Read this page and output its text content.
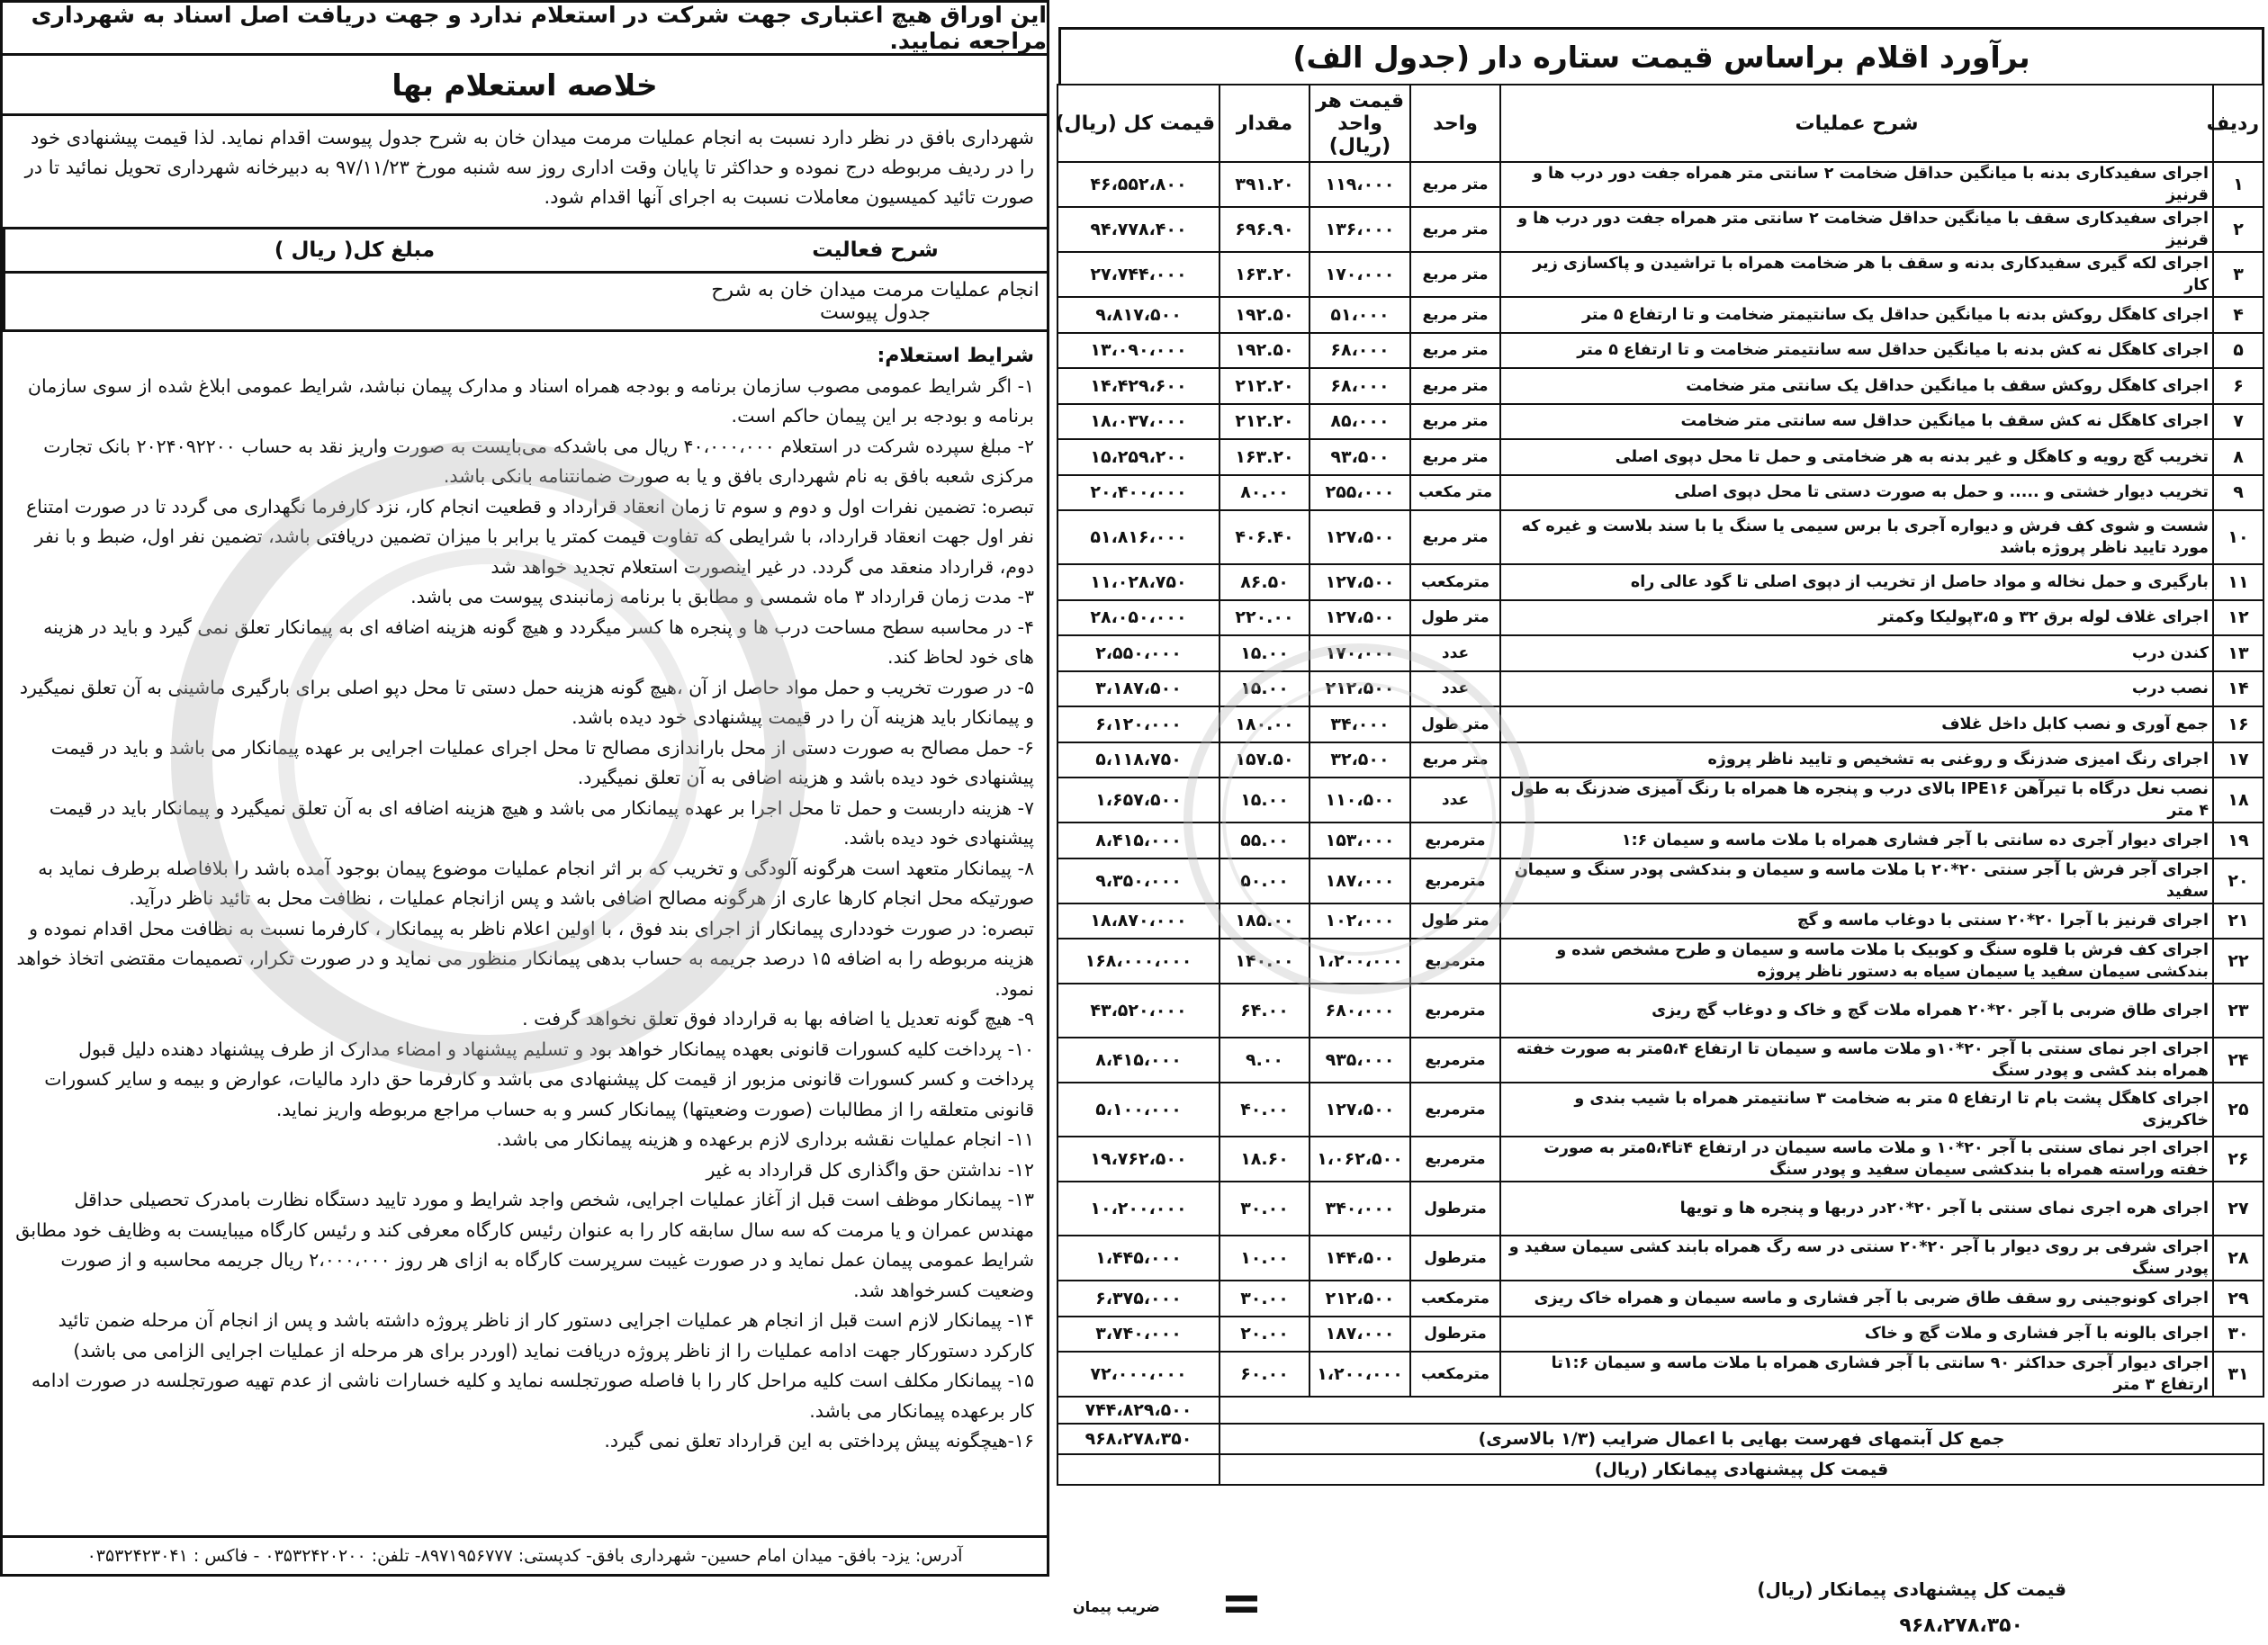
این اوراق هیچ اعتباری جهت شرکت در استعلام ندارد و جهت دریافت اصل اسناد به شهرداری مراجعه نمایید.
خلاصه استعلام بها
شهرداری بافق در نظر دارد نسبت به انجام عملیات مرمت میدان خان به شرح جدول پیوست اقدام نماید. لذا قیمت پیشنهادی خود را در ردیف مربوطه درج نموده و حداکثر تا پایان وقت اداری روز سه شنبه مورخ ۹۷/۱۱/۲۳ به دبیرخانه شهرداری تحویل نمائید تا در صورت تائید کمیسیون معاملات نسبت به اجرای آنها اقدام شود.
شرح فعالیت	مبلغ کل( ریال )
انجام عملیات مرمت میدان خان به شرح جدول پیوست	
شرایط استعلام:

۱- اگر شرایط عمومی مصوب سازمان برنامه و بودجه همراه اسناد و مدارک پیمان نباشد، شرایط عمومی ابلاغ شده از سوی سازمان برنامه و بودجه بر این پیمان حاکم است.

۲- مبلغ سپرده شرکت در استعلام ۴۰،۰۰۰،۰۰۰ ریال می باشدکه می‌بایست به صورت واریز نقد به حساب ۲۰۲۴۰۹۲۲۰۰ بانک تجارت مرکزی شعبه بافق به نام شهرداری بافق و یا به صورت ضمانتنامه بانکی باشد.

تبصره: تضمین نفرات اول و دوم و سوم تا زمان انعقاد قرارداد و قطعیت انجام کار، نزد کارفرما نگهداری می گردد تا در صورت امتناع نفر اول جهت انعقاد قرارداد، با شرایطی که تفاوت قیمت کمتر یا برابر با میزان تضمین دریافتی باشد، تضمین نفر اول، ضبط و با نفر دوم، قرارداد منعقد می گردد. در غیر اینصورت استعلام تجدید خواهد شد

۳- مدت زمان قرارداد ۳ ماه شمسی و مطابق با برنامه زمانبندی پیوست می باشد.

۴- در محاسبه سطح مساحت درب ها و پنجره ها کسر میگردد و هیچ گونه هزینه اضافه ای به پیمانکار تعلق نمی گیرد و باید در هزینه های خود لحاظ کند.

۵- در صورت تخریب و حمل مواد حاصل از آن ،هیچ گونه هزینه حمل دستی تا محل دپو اصلی برای بارگیری ماشینی به آن تعلق نمیگیرد و پیمانکار باید هزینه آن را در قیمت پیشنهادی خود دیده باشد.

۶- حمل مصالح به صورت دستی از محل باراندازی مصالح تا محل اجرای عملیات اجرایی بر عهده پیمانکار می باشد و باید در قیمت پیشنهادی خود دیده باشد و هزینه اضافی به آن تعلق نمیگیرد.

۷- هزینه داربست و حمل تا محل اجرا بر عهده پیمانکار می باشد و هیچ هزینه اضافه ای به آن تعلق نمیگیرد و پیمانکار باید در قیمت پیشنهادی خود دیده باشد.

۸- پیمانکار متعهد است هرگونه آلودگی و تخریب که بر اثر انجام عملیات موضوع پیمان بوجود آمده باشد را بلافاصله برطرف نماید به صورتیکه محل انجام کارها عاری از هرگونه مصالح اضافی باشد و پس ازانجام عملیات ، نظافت محل به تائید ناظر درآید.

تبصره: در صورت خودداری پیمانکار از اجرای بند فوق ، با اولین اعلام ناظر به پیمانکار ، کارفرما نسبت به نظافت محل اقدام نموده و هزینه مربوطه را به اضافه ۱۵ درصد جریمه به حساب بدهی پیمانکار منظور می نماید و در صورت تکرار، تصمیمات مقتضی اتخاذ خواهد نمود.

۹- هیچ گونه تعدیل یا اضافه بها به قرارداد فوق تعلق نخواهد گرفت .

۱۰- پرداخت کلیه کسورات قانونی بعهده پیمانکار خواهد بود و تسلیم پیشنهاد و امضاء مدارک از طرف پیشنهاد دهنده دلیل قبول پرداخت و کسر کسورات قانونی مزبور از قیمت کل پیشنهادی می باشد و کارفرما حق دارد مالیات، عوارض و بیمه و سایر کسورات قانونی متعلقه را از مطالبات (صورت وضعیتها) پیمانکار کسر و به حساب مراجع مربوطه واریز نماید.

۱۱- انجام عملیات نقشه برداری لازم برعهده و هزینه پیمانکار می باشد.

۱۲- نداشتن حق واگذاری کل قرارداد به غیر

۱۳- پیمانکار موظف است قبل از آغاز عملیات اجرایی، شخص واجد شرایط و مورد تایید دستگاه نظارت بامدرک تحصیلی حداقل مهندس عمران و یا مرمت که سه سال سابقه کار را به عنوان رئیس کارگاه معرفی کند و رئیس کارگاه میبایست به وظایف خود مطابق شرایط عمومی پیمان عمل نماید و در صورت غیبت سرپرست کارگاه به ازای هر روز ۲،۰۰۰،۰۰۰ ریال جریمه محاسبه و از صورت وضعیت کسرخواهد شد.

۱۴- پیمانکار لازم است قبل از انجام هر عملیات اجرایی دستور کار از ناظر پروژه داشته باشد و پس از انجام آن مرحله ضمن تائید کارکرد دستورکار جهت ادامه عملیات را از ناظر پروژه دریافت نماید (اوردر برای هر مرحله از عملیات اجرایی الزامی می باشد)

۱۵- پیمانکار مکلف است کلیه مراحل کار را با فاصله صورتجلسه نماید و کلیه خسارات ناشی از عدم تهیه صورتجلسه در صورت ادامه کار برعهده پیمانکار می باشد.

۱۶-هیچگونه پیش پرداختی به این قرارداد تعلق نمی گیرد.

آدرس: یزد- بافق- میدان امام حسین- شهرداری بافق- کدپستی: ۸۹۷۱۹۵۶۷۷۷- تلفن: ۰۳۵۳۲۴۲۰۲۰۰ - فاکس : ۰۳۵۳۲۴۲۳۰۴۱
برآورد اقلام براساس قیمت ستاره دار (جدول الف)
ردیف	شرح عملیات	واحد	قیمت هر واحد (ریال)	مقدار	قیمت کل (ریال)
۱	اجرای سفیدکاری بدنه با میانگین حداقل ضخامت ۲ سانتی متر همراه جفت دور درب ها و قرنیز	متر مربع	۱۱۹،۰۰۰	۳۹۱.۲۰	۴۶،۵۵۲،۸۰۰
۲	اجرای سفیدکاری سقف با میانگین حداقل ضخامت ۲ سانتی متر همراه جفت دور درب ها و قرنیز	متر مربع	۱۳۶،۰۰۰	۶۹۶.۹۰	۹۴،۷۷۸،۴۰۰
۳	اجرای لکه گیری سفیدکاری بدنه و سقف با هر ضخامت همراه با تراشیدن و پاکسازی زیر کار	متر مربع	۱۷۰،۰۰۰	۱۶۳.۲۰	۲۷،۷۴۴،۰۰۰
۴	اجرای کاهگل روکش بدنه با میانگین حداقل یک سانتیمتر ضخامت و تا ارتفاع ۵ متر	متر مربع	۵۱،۰۰۰	۱۹۲.۵۰	۹،۸۱۷،۵۰۰
۵	اجرای کاهگل نه کش بدنه با میانگین حداقل سه سانتیمتر ضخامت و تا ارتفاع ۵ متر	متر مربع	۶۸،۰۰۰	۱۹۲.۵۰	۱۳،۰۹۰،۰۰۰
۶	اجرای کاهگل روکش سقف با میانگین حداقل یک سانتی متر ضخامت	متر مربع	۶۸،۰۰۰	۲۱۲.۲۰	۱۴،۴۲۹،۶۰۰
۷	اجرای کاهگل نه کش سقف با میانگین حداقل سه سانتی متر ضخامت	متر مربع	۸۵،۰۰۰	۲۱۲.۲۰	۱۸،۰۳۷،۰۰۰
۸	تخریب گچ رویه و کاهگل و غیر بدنه به هر ضخامتی و حمل تا محل دپوی اصلی	متر مربع	۹۳،۵۰۰	۱۶۳.۲۰	۱۵،۲۵۹،۲۰۰
۹	تخریب دیوار خشتی و ..... و حمل به صورت دستی تا محل دپوی اصلی	متر مکعب	۲۵۵،۰۰۰	۸۰.۰۰	۲۰،۴۰۰،۰۰۰
۱۰	شست و شوی کف فرش و دیواره آجری با برس سیمی یا سنگ یا با سند بلاست و غیره که مورد تایید ناظر پروژه باشد	متر مربع	۱۲۷،۵۰۰	۴۰۶.۴۰	۵۱،۸۱۶،۰۰۰
۱۱	بارگیری و حمل نخاله و مواد حاصل از تخریب از دپوی اصلی تا گود عالی راه	مترمکعب	۱۲۷،۵۰۰	۸۶.۵۰	۱۱،۰۲۸،۷۵۰
۱۲	اجرای غلاف لوله برق ۳۲ و ۳،۵پولیکا وکمتر	متر طول	۱۲۷،۵۰۰	۲۲۰.۰۰	۲۸،۰۵۰،۰۰۰
۱۳	کندن درب	عدد	۱۷۰،۰۰۰	۱۵.۰۰	۲،۵۵۰،۰۰۰
۱۴	نصب درب	عدد	۲۱۲،۵۰۰	۱۵.۰۰	۳،۱۸۷،۵۰۰
۱۶	جمع آوری و نصب کابل داخل غلاف	متر طول	۳۴،۰۰۰	۱۸۰.۰۰	۶،۱۲۰،۰۰۰
۱۷	اجرای رنگ امیزی ضدزنگ و روغنی به تشخیص و تایید ناظر پروژه	متر مربع	۳۲،۵۰۰	۱۵۷.۵۰	۵،۱۱۸،۷۵۰
۱۸	نصب نعل درگاه با تیرآهن IPE۱۶ بالای درب و پنجره ها همراه با رنگ آمیزی ضدزنگ به طول ۴ متر	عدد	۱۱۰،۵۰۰	۱۵.۰۰	۱،۶۵۷،۵۰۰
۱۹	اجرای دیوار آجری ده سانتی با آجر فشاری همراه با ملات ماسه و سیمان ۱:۶	مترمربع	۱۵۳،۰۰۰	۵۵.۰۰	۸،۴۱۵،۰۰۰
۲۰	اجرای آجر فرش با آجر سنتی ۲۰*۲۰ با ملات ماسه و سیمان و بندکشی پودر سنگ و سیمان سفید	مترمربع	۱۸۷،۰۰۰	۵۰.۰۰	۹،۳۵۰،۰۰۰
۲۱	اجرای قرنیز با آجرا ۲۰*۲۰ سنتی با دوغاب ماسه و گچ	متر طول	۱۰۲،۰۰۰	۱۸۵.۰۰	۱۸،۸۷۰،۰۰۰
۲۲	اجرای کف فرش با قلوه سنگ و کوبیک با ملات ماسه و سیمان و طرح مشخص شده و بندکشی سیمان سفید یا سیمان سیاه به دستور ناظر پروژه	مترمربع	۱،۲۰۰،۰۰۰	۱۴۰.۰۰	۱۶۸،۰۰۰،۰۰۰
۲۳	اجرای طاق ضربی با آجر ۲۰*۲۰ همراه ملات گچ و خاک و دوغاب گچ ریزی	مترمربع	۶۸۰،۰۰۰	۶۴.۰۰	۴۳،۵۲۰،۰۰۰
۲۴	اجرای اجر نمای سنتی با آجر ۲۰*۱۰و ملات ماسه و سیمان تا ارتفاع ۵،۴متر به صورت خفته همراه بند کشی و پودر سنگ	مترمربع	۹۳۵،۰۰۰	۹.۰۰	۸،۴۱۵،۰۰۰
۲۵	اجرای کاهگل پشت بام تا ارتفاع ۵ متر به ضخامت ۳ سانتیمتر همراه با شیب بندی و خاکریزی	مترمربع	۱۲۷،۵۰۰	۴۰.۰۰	۵،۱۰۰،۰۰۰
۲۶	اجرای اجر نمای سنتی با آجر ۲۰*۱۰ و ملات ماسه سیمان در ارتفاع ۴تا۵،۴متر به صورت خفته وراسته همراه با بندکشی سیمان سفید و پودر سنگ	مترمربع	۱،۰۶۲،۵۰۰	۱۸.۶۰	۱۹،۷۶۲،۵۰۰
۲۷	اجرای هره اجری نمای سنتی با آجر ۲۰*۲۰در دربها و پنجره ها و تویها	مترطول	۳۴۰،۰۰۰	۳۰.۰۰	۱۰،۲۰۰،۰۰۰
۲۸	اجرای شرفی بر روی دیوار با آجر ۲۰*۲۰ سنتی در سه رگ همراه بابند کشی سیمان سفید و پودر سنگ	مترطول	۱۴۴،۵۰۰	۱۰.۰۰	۱،۴۴۵،۰۰۰
۲۹	اجرای کونوجینی رو سقف طاق ضربی با آجر فشاری و ماسه سیمان و همراه خاک ریزی	مترمکعب	۲۱۲،۵۰۰	۳۰.۰۰	۶،۳۷۵،۰۰۰
۳۰	اجرای بالونه با آجر فشاری و ملات گچ و خاک	مترطول	۱۸۷،۰۰۰	۲۰.۰۰	۳،۷۴۰،۰۰۰
۳۱	اجرای دیوار آجری حداکثر ۹۰ سانتی با آجر فشاری همراه با ملات ماسه و سیمان ۱:۶تا ارتفاع ۳ متر	مترمکعب	۱،۲۰۰،۰۰۰	۶۰.۰۰	۷۲،۰۰۰،۰۰۰
					۷۴۴،۸۲۹،۵۰۰
جمع کل آبتمهای فهرست بهایی با اعمال ضرایب (۱/۳ بالاسری)					۹۶۸،۲۷۸،۳۵۰
قیمت کل پیشنهادی پیمانکار (ریال)					
قیمت کل پیشنهادی پیمانکار (ریال)
۹۶۸،۲۷۸،۳۵۰
=
ضریب پیمان
